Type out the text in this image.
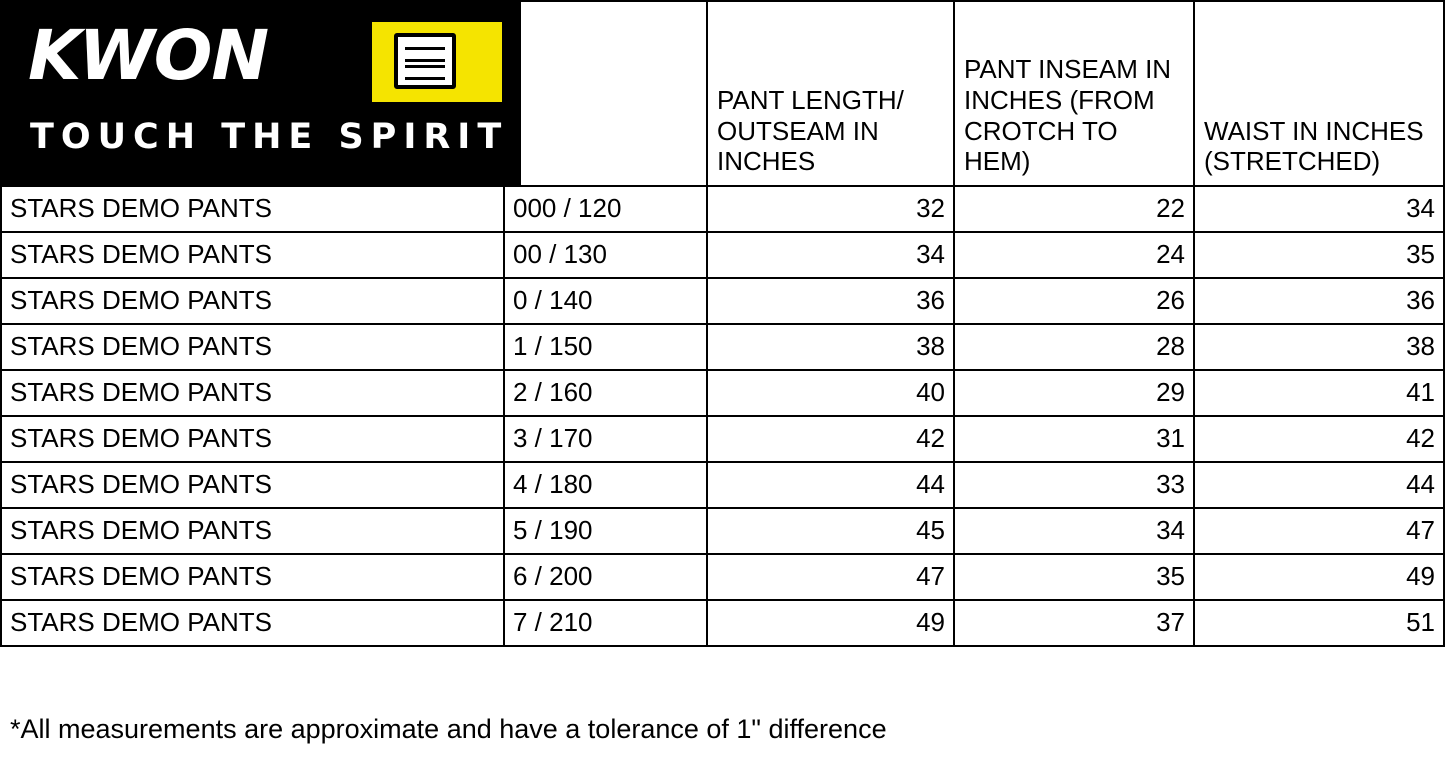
		PANT LENGTH/ OUTSEAM IN INCHES	PANT INSEAM IN INCHES (FROM CROTCH TO HEM)	WAIST IN INCHES (STRETCHED)
STARS DEMO PANTS	000 / 120	32	22	34
STARS DEMO PANTS	00 / 130	34	24	35
STARS DEMO PANTS	0 / 140	36	26	36
STARS DEMO PANTS	1 / 150	38	28	38
STARS DEMO PANTS	2 / 160	40	29	41
STARS DEMO PANTS	3 / 170	42	31	42
STARS DEMO PANTS	4 / 180	44	33	44
STARS DEMO PANTS	5 / 190	45	34	47
STARS DEMO PANTS	6 / 200	47	35	49
STARS DEMO PANTS	7 / 210	49	37	51
KWON
TOUCH THE SPIRIT
*All measurements are approximate and have a tolerance of 1" difference
